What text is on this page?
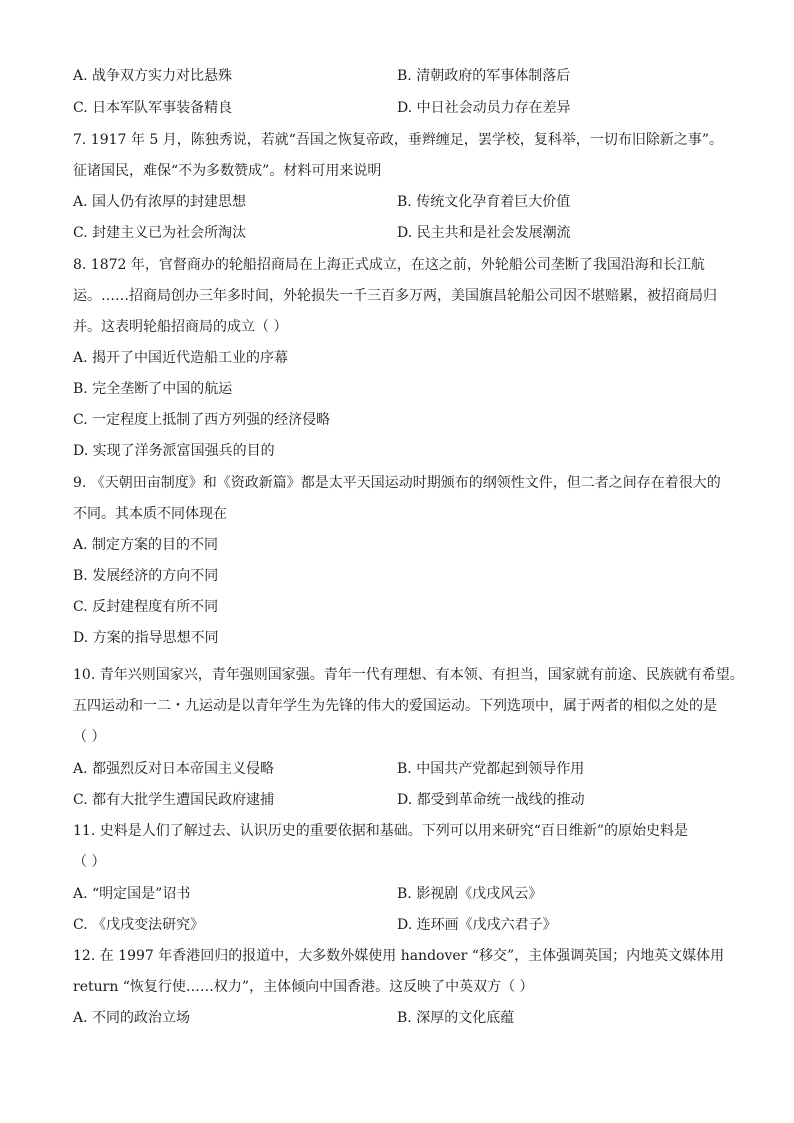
A. 战争双方实力对比悬殊	B. 清朝政府的军事体制落后
C. 日本军队军事装备精良	D. 中日社会动员力存在差异
7. 1917 年 5 月，陈独秀说，若就“吾国之恢复帝政，垂辫缠足，罢学校，复科举，一切布旧除新之事”。
征诸国民，难保“不为多数赞成”。材料可用来说明
A. 国人仍有浓厚的封建思想	B. 传统文化孕育着巨大价值
C. 封建主义已为社会所淘汰	D. 民主共和是社会发展潮流
8. 1872 年，官督商办的轮船招商局在上海正式成立，在这之前，外轮船公司垄断了我国沿海和长江航
运。……招商局创办三年多时间，外轮损失一千三百多万两，美国旗昌轮船公司因不堪赔累，被招商局归
并。这表明轮船招商局的成立（ ）
A. 揭开了中国近代造船工业的序幕
B. 完全垄断了中国的航运
C. 一定程度上抵制了西方列强的经济侵略
D. 实现了洋务派富国强兵的目的
9. 《天朝田亩制度》和《资政新篇》都是太平天国运动时期颁布的纲领性文件，但二者之间存在着很大的
不同。其本质不同体现在
A. 制定方案的目的不同
B. 发展经济的方向不同
C. 反封建程度有所不同
D. 方案的指导思想不同
10. 青年兴则国家兴，青年强则国家强。青年一代有理想、有本领、有担当，国家就有前途、民族就有希望。
五四运动和一二・九运动是以青年学生为先锋的伟大的爱国运动。下列选项中，属于两者的相似之处的是
（ ）
A. 都强烈反对日本帝国主义侵略	B. 中国共产党都起到领导作用
C. 都有大批学生遭国民政府逮捕	D. 都受到革命统一战线的推动
11. 史料是人们了解过去、认识历史的重要依据和基础。下列可以用来研究“百日维新”的原始史料是
（ ）
A. “明定国是”诏书	B. 影视剧《戊戌风云》
C. 《戊戌变法研究》	D. 连环画《戊戌六君子》
12. 在 1997 年香港回归的报道中，大多数外媒使用 handover “移交”，主体强调英国；内地英文媒体用
return “恢复行使……权力”，主体倾向中国香港。这反映了中英双方（ ）
A. 不同的政治立场	B. 深厚的文化底蕴
